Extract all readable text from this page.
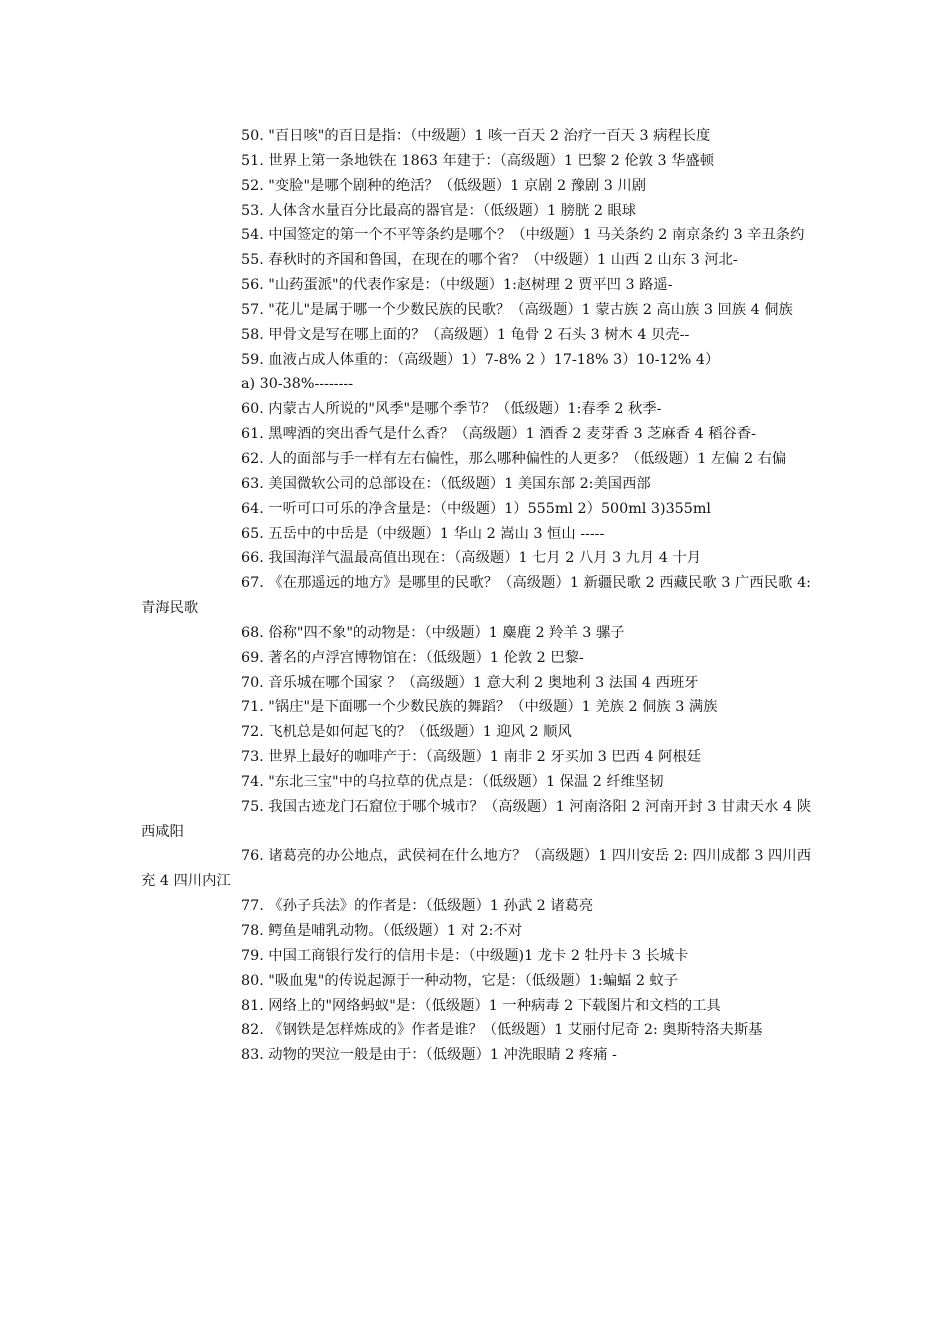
50. "百日咳"的百日是指：（中级题）1 咳一百天 2 治疗一百天 3 病程长度

51. 世界上第一条地铁在 1863 年建于：（高级题）1 巴黎 2 伦敦 3 华盛顿

52. "变脸"是哪个剧种的绝活？（低级题）1 京剧 2 豫剧 3 川剧

53. 人体含水量百分比最高的器官是：（低级题）1 膀胱 2 眼球

54. 中国签定的第一个不平等条约是哪个？（中级题）1 马关条约 2 南京条约 3 辛丑条约

55. 春秋时的齐国和鲁国，在现在的哪个省？（中级题）1 山西 2 山东 3 河北-

56. "山药蛋派"的代表作家是：（中级题）1:赵树理 2 贾平凹 3 路遥-

57. "花儿"是属于哪一个少数民族的民歌？（高级题）1 蒙古族 2 高山族 3 回族 4 侗族

58. 甲骨文是写在哪上面的？（高级题）1 龟骨 2 石头 3 树木 4 贝壳--

59. 血液占成人体重的：（高级题）1）7-8% 2 ）17-18% 3）10-12% 4）

a) 30-38%--------

60. 内蒙古人所说的"风季"是哪个季节？（低级题）1:春季 2 秋季-

61. 黑啤酒的突出香气是什么香？（高级题）1 酒香 2 麦芽香 3 芝麻香 4 稻谷香-

62. 人的面部与手一样有左右偏性，那么哪种偏性的人更多？（低级题）1 左偏 2 右偏

63. 美国微软公司的总部设在：（低级题）1 美国东部 2:美国西部

64. 一听可口可乐的净含量是：（中级题）1）555ml 2）500ml 3)355ml

65. 五岳中的中岳是（中级题）1 华山 2 嵩山 3 恒山 -----

66. 我国海洋气温最高值出现在：（高级题）1 七月 2 八月 3 九月 4 十月

67. 《在那遥远的地方》是哪里的民歌？（高级题）1 新疆民歌 2 西藏民歌 3 广西民歌 4: 青海民歌

68. 俗称"四不象"的动物是：（中级题）1 麋鹿 2 羚羊 3 骡子

69. 著名的卢浮宫博物馆在：（低级题）1 伦敦 2 巴黎-

70. 音乐城在哪个国家 ？（高级题）1 意大利 2 奥地利 3 法国 4 西班牙

71. "锅庄"是下面哪一个少数民族的舞蹈？（中级题）1 羌族 2 侗族 3 满族

72. 飞机总是如何起飞的？（低级题）1 迎风 2 顺风

73. 世界上最好的咖啡产于：（高级题）1 南非 2 牙买加 3 巴西 4 阿根廷

74. "东北三宝"中的乌拉草的优点是：（低级题）1 保温 2 纤维坚韧

75. 我国古迹龙门石窟位于哪个城市？（高级题）1 河南洛阳 2 河南开封 3 甘肃天水 4 陕西咸阳

76. 诸葛亮的办公地点，武侯祠在什么地方？（高级题）1 四川安岳 2: 四川成都 3 四川西充 4 四川内江

77. 《孙子兵法》的作者是：（低级题）1 孙武 2 诸葛亮

78. 鳄鱼是哺乳动物。（低级题）1 对 2:不对

79. 中国工商银行发行的信用卡是：（中级题)1 龙卡 2 牡丹卡 3 长城卡

80. "吸血鬼"的传说起源于一种动物，它是：（低级题）1:蝙蝠 2 蚊子

81. 网络上的"网络蚂蚁"是：（低级题）1 一种病毒 2 下载图片和文档的工具

82. 《钢铁是怎样炼成的》作者是谁？（低级题）1 艾丽付尼奇 2: 奥斯特洛夫斯基

83. 动物的哭泣一般是由于：（低级题）1 冲洗眼睛 2 疼痛 -
